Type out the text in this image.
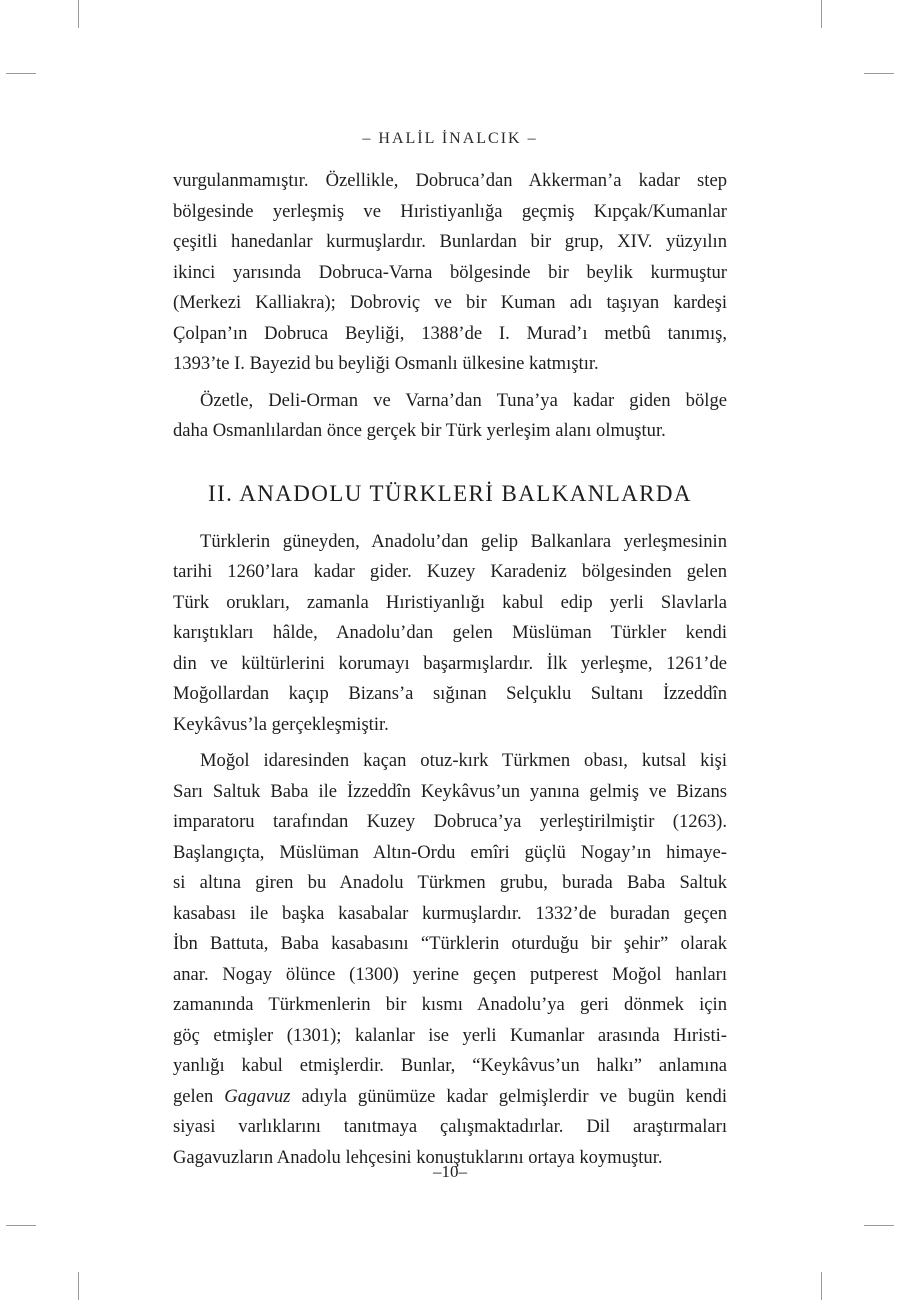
– HALİL İNALCIK –

vurgulanmamıştır. Özellikle, Dobruca’dan Akkerman’a kadar step
bölgesinde yerleşmiş ve Hıristiyanlığa geçmiş Kıpçak/Kumanlar
çeşitli hanedanlar kurmuşlardır. Bunlardan bir grup, XIV. yüzyılın
ikinci yarısında Dobruca-Varna bölgesinde bir beylik kurmuştur
(Merkezi Kalliakra); Dobroviç ve bir Kuman adı taşıyan kardeşi
Çolpan’ın Dobruca Beyliği, 1388’de I. Murad’ı metbû tanımış,
1393’te I. Bayezid bu beyliği Osmanlı ülkesine katmıştır.

Özetle, Deli-Orman ve Varna’dan Tuna’ya kadar giden bölge
daha Osmanlılardan önce gerçek bir Türk yerleşim alanı olmuştur.

II. ANADOLU TÜRKLERİ BALKANLARDA

Türklerin güneyden, Anadolu’dan gelip Balkanlara yerleşmesinin
tarihi 1260’lara kadar gider. Kuzey Karadeniz bölgesinden gelen
Türk orukları, zamanla Hıristiyanlığı kabul edip yerli Slavlarla
karıştıkları hâlde, Anadolu’dan gelen Müslüman Türkler kendi
din ve kültürlerini korumayı başarmışlardır. İlk yerleşme, 1261’de
Moğollardan kaçıp Bizans’a sığınan Selçuklu Sultanı İzzeddîn
Keykâvus’la gerçekleşmiştir.

Moğol idaresinden kaçan otuz-kırk Türkmen obası, kutsal kişi
Sarı Saltuk Baba ile İzzeddîn Keykâvus’un yanına gelmiş ve Bizans
imparatoru tarafından Kuzey Dobruca’ya yerleştirilmiştir (1263).
Başlangıçta, Müslüman Altın-Ordu emîri güçlü Nogay’ın himaye-
si altına giren bu Anadolu Türkmen grubu, burada Baba Saltuk
kasabası ile başka kasabalar kurmuşlardır. 1332’de buradan geçen
İbn Battuta, Baba kasabasını “Türklerin oturduğu bir şehir” olarak
anar. Nogay ölünce (1300) yerine geçen putperest Moğol hanları
zamanında Türkmenlerin bir kısmı Anadolu’ya geri dönmek için
göç etmişler (1301); kalanlar ise yerli Kumanlar arasında Hıristi-
yanlığı kabul etmişlerdir. Bunlar, “Keykâvus’un halkı” anlamına
gelen Gagavuz adıyla günümüze kadar gelmişlerdir ve bugün kendi
siyasi varlıklarını tanıtmaya çalışmaktadırlar. Dil araştırmaları
Gagavuzların Anadolu lehçesini konuştuklarını ortaya koymuştur.

–10–
